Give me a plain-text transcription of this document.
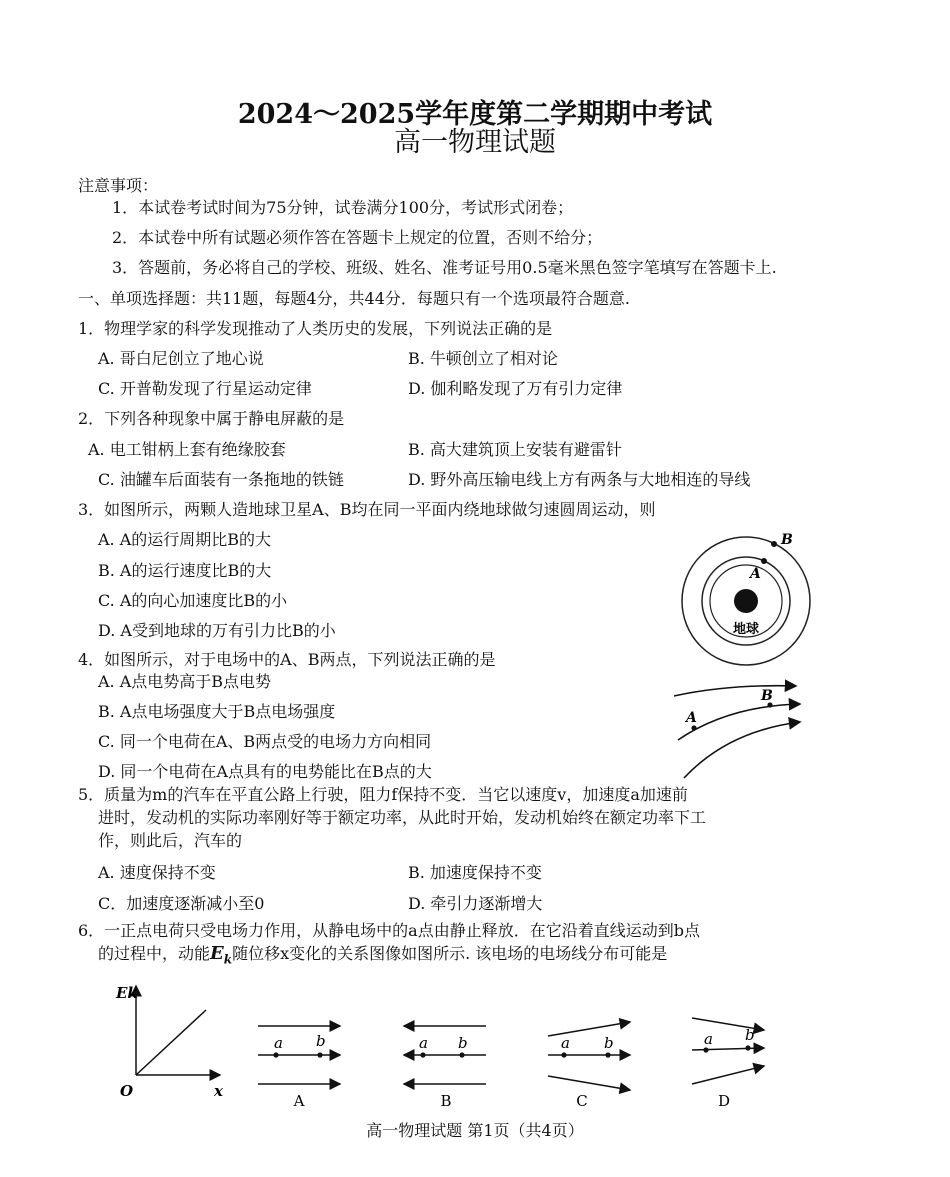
2024～2025学年度第二学期期中考试
高一物理试题
注意事项：
1．本试卷考试时间为75分钟，试卷满分100分，考试形式闭卷；
2．本试卷中所有试题必须作答在答题卡上规定的位置，否则不给分；
3．答题前，务必将自己的学校、班级、姓名、准考证号用0.5毫米黑色签字笔填写在答题卡上.
一、单项选择题：共11题，每题4分，共44分．每题只有一个选项最符合题意.
1．物理学家的科学发现推动了人类历史的发展，下列说法正确的是
A. 哥白尼创立了地心说	B. 牛顿创立了相对论
C. 开普勒发现了行星运动定律	D. 伽利略发现了万有引力定律
2．下列各种现象中属于静电屏蔽的是
A. 电工钳柄上套有绝缘胶套	B. 高大建筑顶上安装有避雷针
C. 油罐车后面装有一条拖地的铁链	D. 野外高压输电线上方有两条与大地相连的导线
3．如图所示，两颗人造地球卫星A、B均在同一平面内绕地球做匀速圆周运动，则
A. A的运行周期比B的大
B. A的运行速度比B的大
C. A的向心加速度比B的小
D. A受到地球的万有引力比B的小
A
B
地球
4．如图所示，对于电场中的A、B两点，下列说法正确的是
A. A点电势高于B点电势
B. A点电场强度大于B点电场强度
C. 同一个电荷在A、B两点受的电场力方向相同
D. 同一个电荷在A点具有的电势能比在B点的大
A
B
5．质量为m的汽车在平直公路上行驶，阻力f保持不变．当它以速度v，加速度a加速前
进时，发动机的实际功率刚好等于额定功率，从此时开始，发动机始终在额定功率下工
作，则此后，汽车的
A. 速度保持不变	B. 加速度保持不变
C．加速度逐渐减小至0	D. 牵引力逐渐增大
6．一正点电荷只受电场力作用，从静电场中的a点由静止释放．在它沿着直线运动到b点
的过程中，动能$E_k$随位移x变化的关系图像如图所示. 该电场的电场线分布可能是
Ek
O	x
a b
A
a b
B
a b
C
a b
D
高一物理试题 第1页（共4页）
